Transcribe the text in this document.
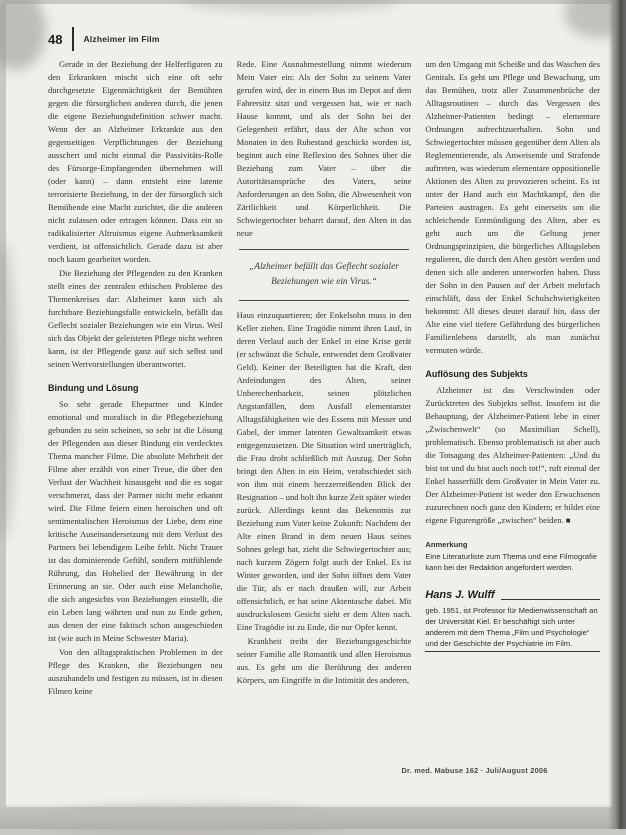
48 Alzheimer im Film

Gerade in der Beziehung der Helferfiguren zu den Erkrankten mischt sich eine oft sehr durchgesetzte Eigenmächtigkeit der Bemühten gegen die fürsorglichen anderen durch, die jenen die eigene Beziehungsdefinition schwer macht. Wenn der an Alzheimer Erkrankte aus den gegenseitigen Verpflichtungen der Beziehung ausschert und nicht einmal die Passivitäts-Rolle des Fürsorge-Empfangenden übernehmen will (oder kann) – dann entsteht eine latente terrorisierte Beziehung, in der der fürsorglich sich Bemühende eine Macht zurichtet, die die anderen nicht zulassen oder ertragen können. Dass ein so radikalisierter Altruismus eigene Aufmerksamkeit verdient, ist offensichtlich. Gerade dazu ist aber noch kaum gearbeitet worden.

Die Beziehung der Pflegenden zu den Kranken stellt eines der zentralen ethischen Probleme des Themenkreises dar: Alzheimer kann sich als furchtbare Beziehungsfalle entwickeln, befällt das Geflecht sozialer Beziehungen wie ein Virus. Weil sich das Objekt der geleisteten Pflege nicht wehren kann, ist der Pflegende ganz auf sich selbst und seinen Wertvorstellungen überantwortet.

Bindung und Lösung

So sehr gerade Ehepartner und Kinder emotional und moralisch in die Pflegebeziehung gebunden zu sein scheinen, so sehr ist die Lösung der Pflegenden aus dieser Bindung ein verdecktes Thema mancher Filme. Die absolute Mehrheit der Filme aber erzählt von einer Treue, die über den Verlust der Wachheit hinausgeht und die es sogar verschmerzt, dass der Partner nicht mehr erkannt wird. Die Filme feiern einen heroischen und oft sentimentalischen Heroismus der Liebe, dem eine kritische Auseinandersetzung mit dem Verlust des Partners bei lebendigem Leibe fehlt. Nicht Trauer ist das dominierende Gefühl, sondern mitfühlende Rührung, das Hohelied der Bewährung in der Erinnerung an sie. Oder auch eine Melancholie, die sich angesichts von Beziehungen einstellt, die ein Leben lang währten und nun zu Ende gehen, aus denen der eine faktisch schon ausgeschieden ist (wie auch in Meine Schwester Maria).

Von den alltagspraktischen Problemen in der Pflege des Kranken, die Beziehungen neu auszuhandeln und festigen zu müssen, ist in diesen Filmen keine

Rede. Eine Ausnahmestellung nimmt wiederum Mein Vater ein: Als der Sohn zu seinem Vater gerufen wird, der in einem Bus im Depot auf dem Fahrersitz sitzt und vergessen hat, wie er nach Hause kommt, und als der Sohn bei der Gelegenheit erfährt, dass der Alte schon vor Monaten in den Ruhestand geschickt worden ist, beginnt auch eine Reflexion des Sohnes über die Beziehung zum Vater – über die Autoritätsansprüche des Vaters, seine Anforderungen an den Sohn, die Abwesenheit von Zärtlichkeit und Körperlichkeit. Die Schwiegertochter beharrt darauf, den Alten in das neue

„Alzheimer befällt das Geflecht sozialer Beziehungen wie ein Virus.“

Haus einzuquartieren; der Enkelsohn muss in den Keller ziehen. Eine Tragödie nimmt ihren Lauf, in deren Verlauf auch der Enkel in eine Krise gerät (er schwänzt die Schule, entwendet dem Großvater Geld). Keiner der Beteiligten hat die Kraft, den Anfeindungen des Alten, seiner Unberechenbarkeit, seinen plötzlichen Angstanfällen, dem Ausfall elementarster Alltagsfähigkeiten wie des Essens mit Messer und Gabel, der immer latenten Gewaltsamkeit etwas entgegenzusetzen. Die Situation wird unerträglich, die Frau droht schließlich mit Auszug. Der Sohn bringt den Alten in ein Heim, verabschiedet sich von ihm mit einem herzzerreißenden Blick der Resignation – und holt ihn kurze Zeit später wieder zurück. Allerdings kennt das Bekenntnis zur Beziehung zum Vater keine Zukunft: Nachdem der Alte einen Brand in dem neuen Haus seines Sohnes gelegt hat, zieht die Schwiegertochter aus; nach kurzem Zögern folgt auch der Enkel. Es ist Winter geworden, und der Sohn öffnet dem Vater die Tür, als er nach draußen will, zur Arbeit offensichtlich, er hat seine Aktentasche dabei. Mit ausdruckslosem Gesicht sieht er dem Alten nach. Eine Tragödie ist zu Ende, die nur Opfer kennt.

Krankheit treibt der Beziehungsgeschichte seiner Familie alle Romantik und allen Heroismus aus. Es geht um die Berührung des anderen Körpers, um Eingriffe in die Intimität des anderen,

um den Umgang mit Scheiße und das Waschen des Genitals. Es geht um Pflege und Bewachung, um das Bemühen, trotz aller Zusammenbrüche der Alltagsroutinen – durch das Vergessen des Alzheimer-Patienten bedingt – elementare Ordnungen aufrechtzuerhalten. Sohn und Schwiegertochter müssen gegenüber dem Alten als Reglementierende, als Anweisende und Strafende auftreten, was wiederum elementare oppositionelle Aktionen des Alten zu provozieren scheint. Es ist unter der Hand auch ein Machtkampf, den die Parteien austragen. Es geht einerseits um die schleichende Entmündigung des Alten, aber es geht auch um die Geltung jener Ordnungsprinzipien, die bürgerliches Alltagsleben regulieren, die durch den Alten gestört werden und denen sich alle anderen unterworfen haben. Dass der Sohn in den Pausen auf der Arbeit mehrfach einschläft, dass der Enkel Schulschwierigkeiten bekommt: All dieses deutet darauf hin, dass der Alte eine viel tiefere Gefährdung des bürgerlichen Familienlebens darstellt, als man zunächst vermuten würde.

Auflösung des Subjekts

Alzheimer ist das Verschwinden oder Zurücktreten des Subjekts selbst. Insofern ist die Behauptung, der Alzheimer-Patient lebe in einer „Zwischenwelt“ (so Maximilian Schell), problematisch. Ebenso problematisch ist aber auch die Totsagung des Alzheimer-Patienten: „Und du bist tot und du bist auch noch tot!“, ruft einmal der Enkel hasserfüllt dem Großvater in Mein Vater zu. Der Alzheimer-Patient ist weder den Erwachsenen zuzurechnen noch ganz den Kindern; er bildet eine eigene Figurengröße „zwischen“ beiden. ■

Anmerkung

Eine Literaturliste zum Thema und eine Filmografie kann bei der Redaktion angefordert werden.

Hans J. Wulff
geb. 1951, ist Professor für Medienwissenschaft an der Universität Kiel. Er beschäftigt sich unter anderem mit dem Thema „Film und Psychologie“ und der Geschichte der Psychiatrie im Film.
Dr. med. Mabuse 162 · Juli/August 2006
